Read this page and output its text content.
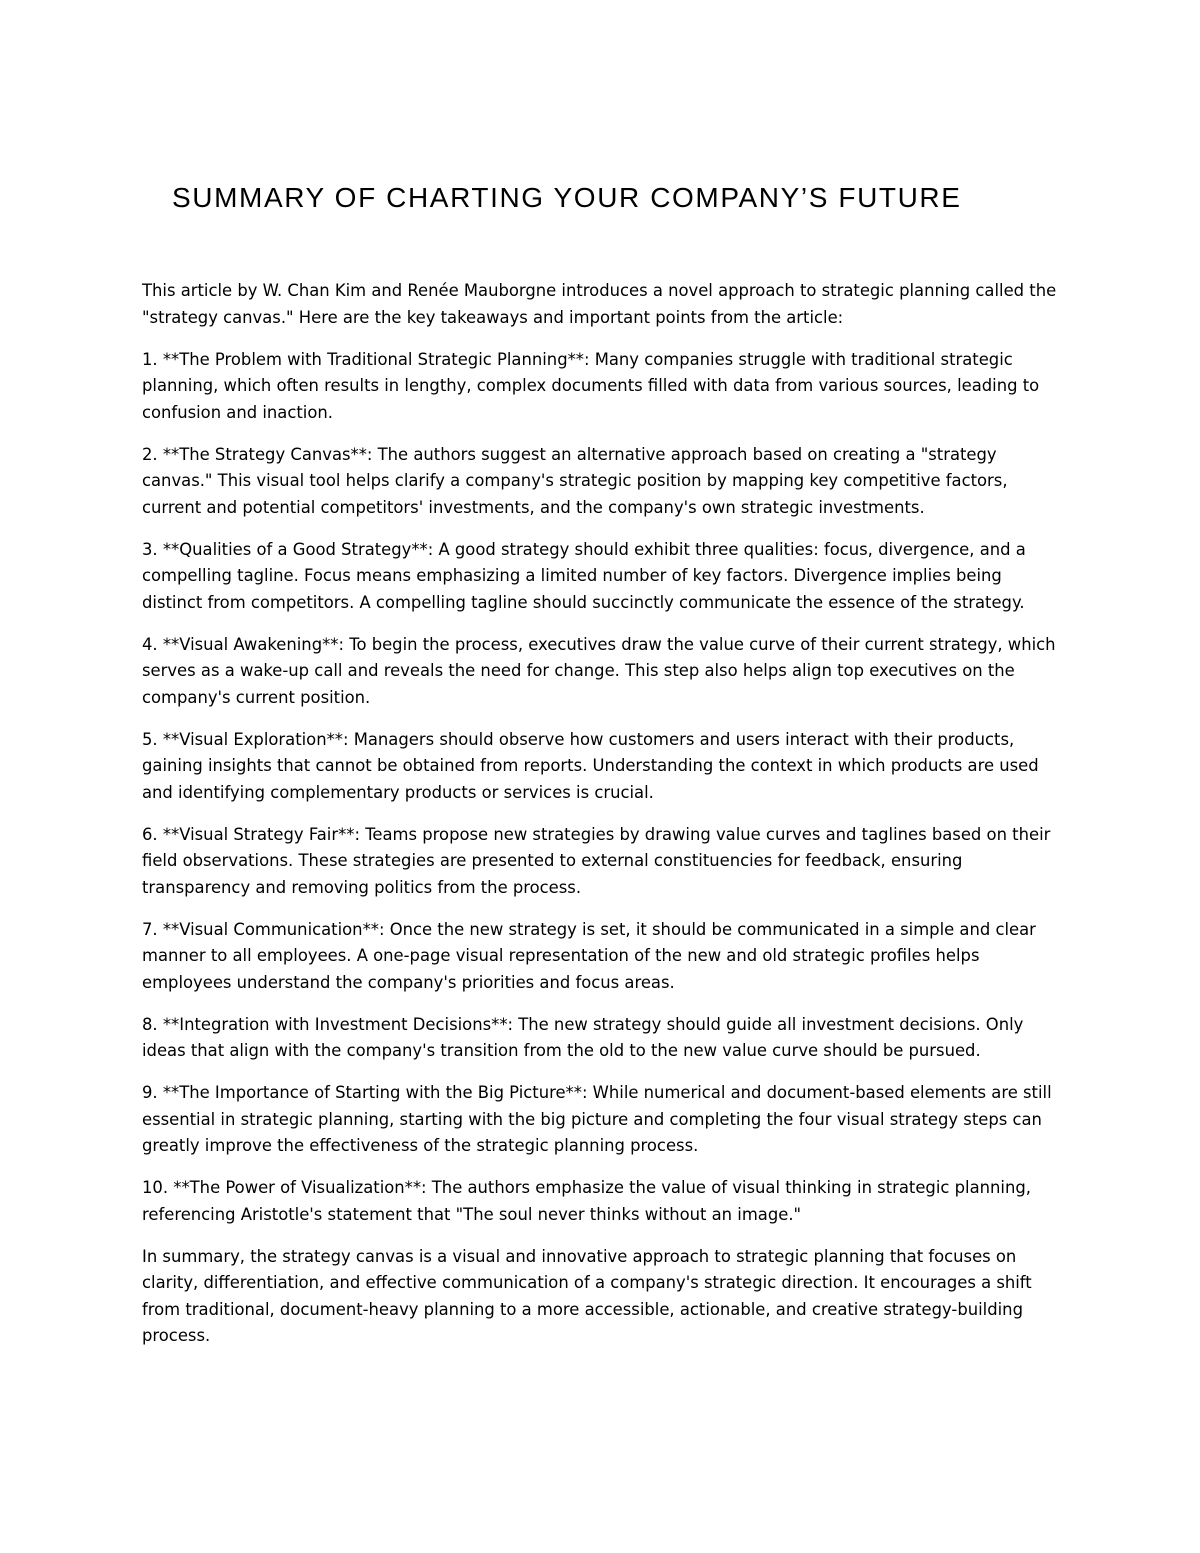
SUMMARY OF CHARTING YOUR COMPANY’S FUTURE

This article by W. Chan Kim and Renée Mauborgne introduces a novel approach to strategic planning called the "strategy canvas." Here are the key takeaways and important points from the article:

1. **The Problem with Traditional Strategic Planning**: Many companies struggle with traditional strategic planning, which often results in lengthy, complex documents filled with data from various sources, leading to confusion and inaction.

2. **The Strategy Canvas**: The authors suggest an alternative approach based on creating a "strategy canvas." This visual tool helps clarify a company's strategic position by mapping key competitive factors, current and potential competitors' investments, and the company's own strategic investments.

3. **Qualities of a Good Strategy**: A good strategy should exhibit three qualities: focus, divergence, and a compelling tagline. Focus means emphasizing a limited number of key factors. Divergence implies being distinct from competitors. A compelling tagline should succinctly communicate the essence of the strategy.

4. **Visual Awakening**: To begin the process, executives draw the value curve of their current strategy, which serves as a wake-up call and reveals the need for change. This step also helps align top executives on the company's current position.

5. **Visual Exploration**: Managers should observe how customers and users interact with their products, gaining insights that cannot be obtained from reports. Understanding the context in which products are used and identifying complementary products or services is crucial.

6. **Visual Strategy Fair**: Teams propose new strategies by drawing value curves and taglines based on their field observations. These strategies are presented to external constituencies for feedback, ensuring transparency and removing politics from the process.

7. **Visual Communication**: Once the new strategy is set, it should be communicated in a simple and clear manner to all employees. A one-page visual representation of the new and old strategic profiles helps employees understand the company's priorities and focus areas.

8. **Integration with Investment Decisions**: The new strategy should guide all investment decisions. Only ideas that align with the company's transition from the old to the new value curve should be pursued.

9. **The Importance of Starting with the Big Picture**: While numerical and document-based elements are still essential in strategic planning, starting with the big picture and completing the four visual strategy steps can greatly improve the effectiveness of the strategic planning process.

10. **The Power of Visualization**: The authors emphasize the value of visual thinking in strategic planning, referencing Aristotle's statement that "The soul never thinks without an image."

In summary, the strategy canvas is a visual and innovative approach to strategic planning that focuses on clarity, differentiation, and effective communication of a company's strategic direction. It encourages a shift from traditional, document-heavy planning to a more accessible, actionable, and creative strategy-building process.
